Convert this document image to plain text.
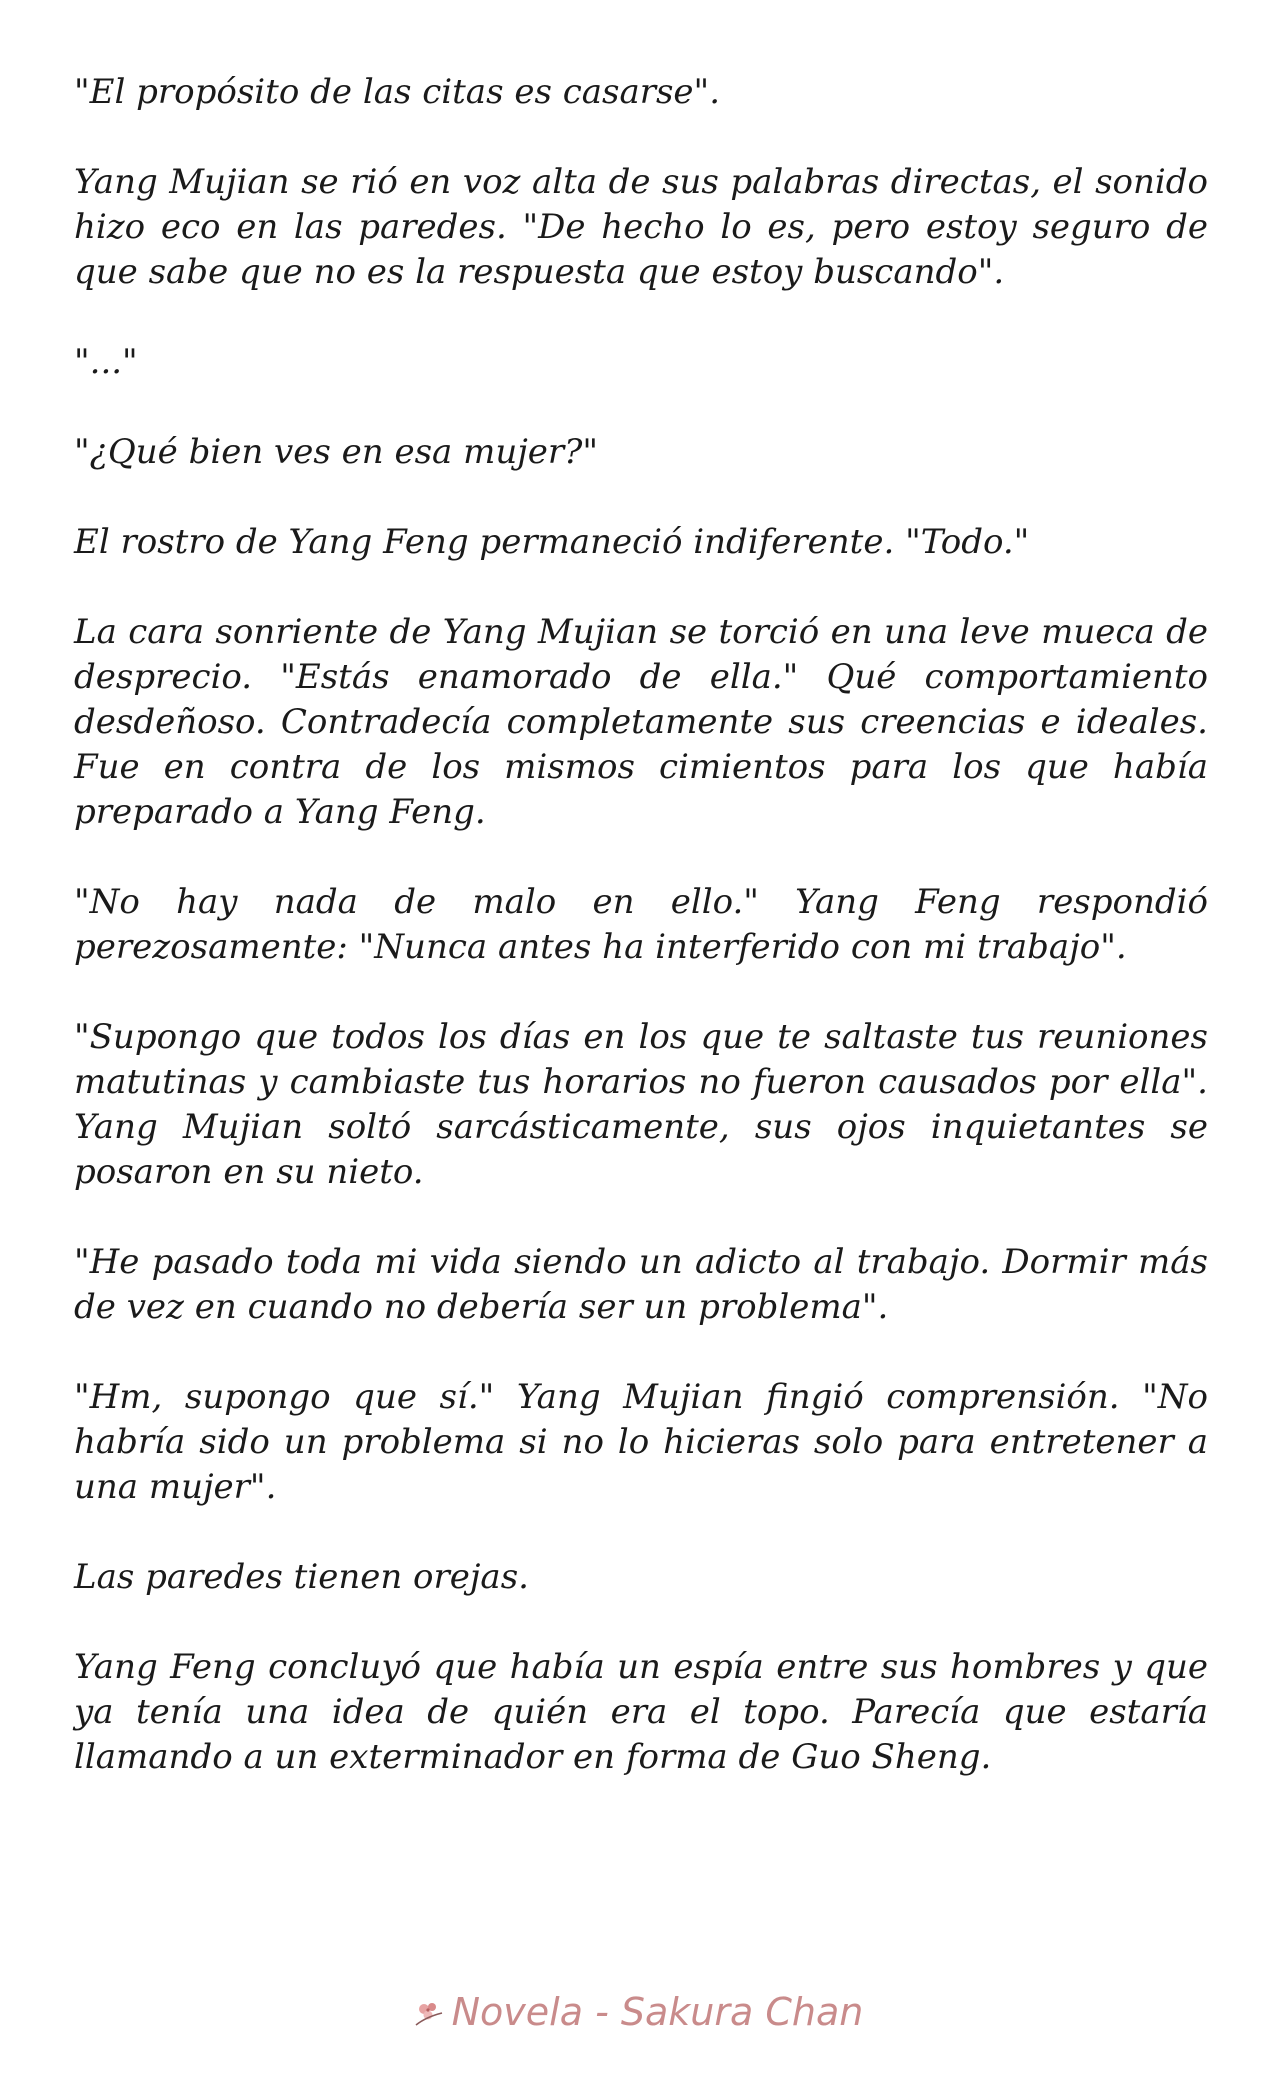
"El propósito de las citas es casarse".

Yang Mujian se rió en voz alta de sus palabras directas, el sonido hizo eco en las paredes. "De hecho lo es, pero estoy seguro de que sabe que no es la respuesta que estoy buscando".

"..."

"¿Qué bien ves en esa mujer?"

El rostro de Yang Feng permaneció indiferente. "Todo."

La cara sonriente de Yang Mujian se torció en una leve mueca de desprecio. "Estás enamorado de ella." Qué comportamiento desdeñoso. Contradecía completamente sus creencias e ideales. Fue en contra de los mismos cimientos para los que había preparado a Yang Feng.

"No hay nada de malo en ello." Yang Feng respondió perezosamente: "Nunca antes ha interferido con mi trabajo".

"Supongo que todos los días en los que te saltaste tus reuniones matutinas y cambiaste tus horarios no fueron causados por ella". Yang Mujian soltó sarcásticamente, sus ojos inquietantes se posaron en su nieto.

"He pasado toda mi vida siendo un adicto al trabajo. Dormir más de vez en cuando no debería ser un problema".

"Hm, supongo que sí." Yang Mujian fingió comprensión. "No habría sido un problema si no lo hicieras solo para entretener a una mujer".

Las paredes tienen orejas.

Yang Feng concluyó que había un espía entre sus hombres y que ya tenía una idea de quién era el topo. Parecía que estaría llamando a un exterminador en forma de Guo Sheng.

Novela - Sakura Chan
